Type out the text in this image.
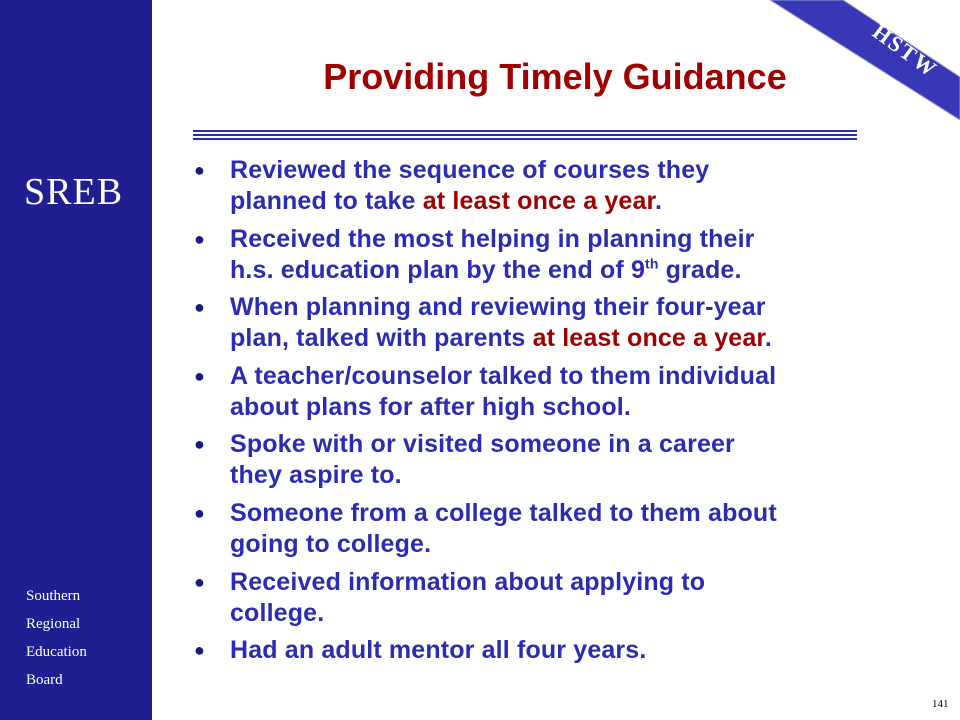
SREB

Southern
Regional
Education
Board

HSTW

Providing Timely Guidance
● Reviewed the sequence of courses they
planned to take at least once a year.
● Received the most helping in planning their
h.s. education plan by the end of 9th grade.
● When planning and reviewing their four-year
plan, talked with parents at least once a year.
● A teacher/counselor talked to them individual
about plans for after high school.
● Spoke with or visited someone in a career
they aspire to.
● Someone from a college talked to them about
going to college.
● Received information about applying to
college.
● Had an adult mentor all four years.

141
